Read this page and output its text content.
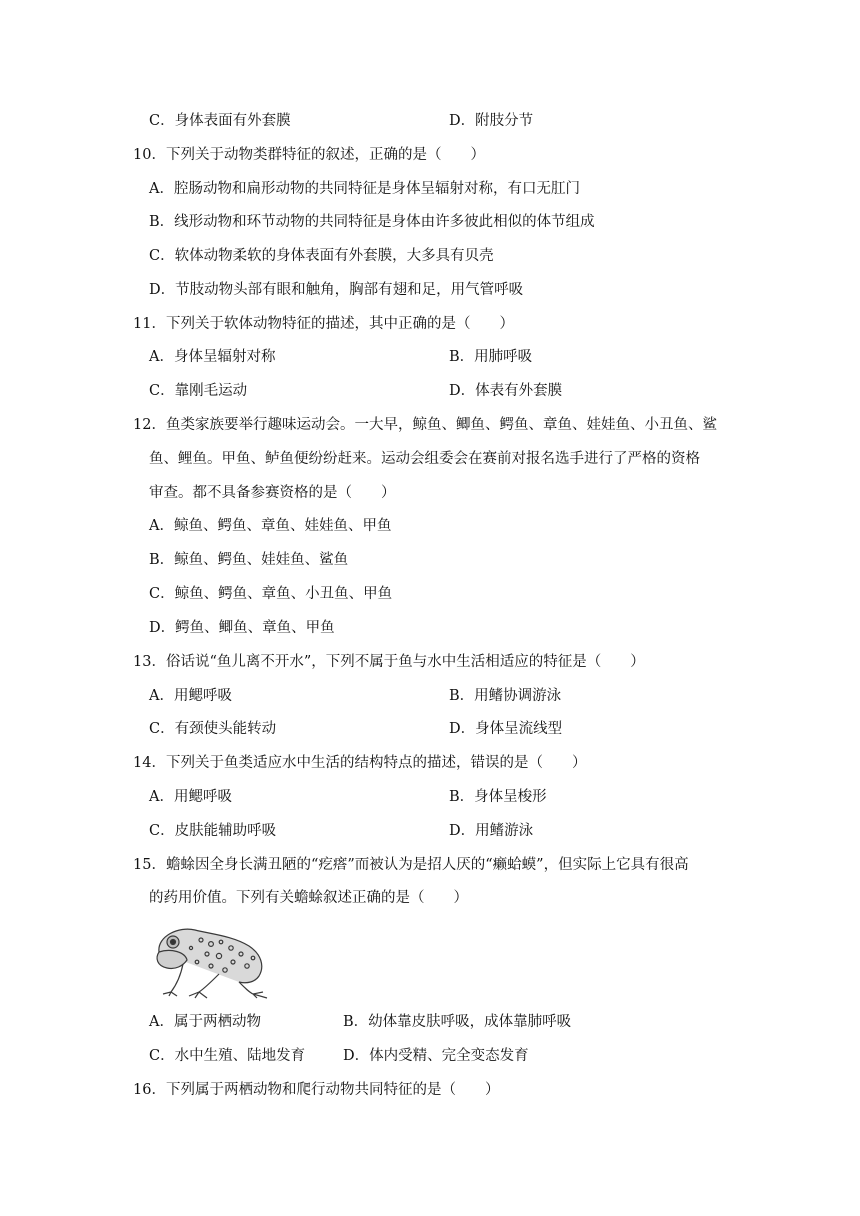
C．身体表面有外套膜	D．附肢分节
10．下列关于动物类群特征的叙述，正确的是（　　）
A．腔肠动物和扁形动物的共同特征是身体呈辐射对称，有口无肛门
B．线形动物和环节动物的共同特征是身体由许多彼此相似的体节组成
C．软体动物柔软的身体表面有外套膜，大多具有贝壳
D．节肢动物头部有眼和触角，胸部有翅和足，用气管呼吸
11．下列关于软体动物特征的描述，其中正确的是（　　）
A．身体呈辐射对称	B．用肺呼吸
C．靠刚毛运动	D．体表有外套膜
12．鱼类家族要举行趣味运动会。一大早，鲸鱼、鲫鱼、鳄鱼、章鱼、娃娃鱼、小丑鱼、鲨
鱼、鲤鱼。甲鱼、鲈鱼便纷纷赶来。运动会组委会在赛前对报名选手进行了严格的资格
审查。都不具备参赛资格的是（　　）
A．鲸鱼、鳄鱼、章鱼、娃娃鱼、甲鱼
B．鲸鱼、鳄鱼、娃娃鱼、鲨鱼
C．鲸鱼、鳄鱼、章鱼、小丑鱼、甲鱼
D．鳄鱼、鲫鱼、章鱼、甲鱼
13．俗话说“鱼儿离不开水”，下列不属于鱼与水中生活相适应的特征是（　　）
A．用鳃呼吸	B．用鳍协调游泳
C．有颈使头能转动	D．身体呈流线型
14．下列关于鱼类适应水中生活的结构特点的描述，错误的是（　　）
A．用鳃呼吸	B．身体呈梭形
C．皮肤能辅助呼吸	D．用鳍游泳
15．蟾蜍因全身长满丑陋的“疙瘩”而被认为是招人厌的“癞蛤蟆”，但实际上它具有很高
的药用价值。下列有关蟾蜍叙述正确的是（　　）
A．属于两栖动物	B．幼体靠皮肤呼吸，成体靠肺呼吸
C．水中生殖、陆地发育	D．体内受精、完全变态发育
16．下列属于两栖动物和爬行动物共同特征的是（　　）
